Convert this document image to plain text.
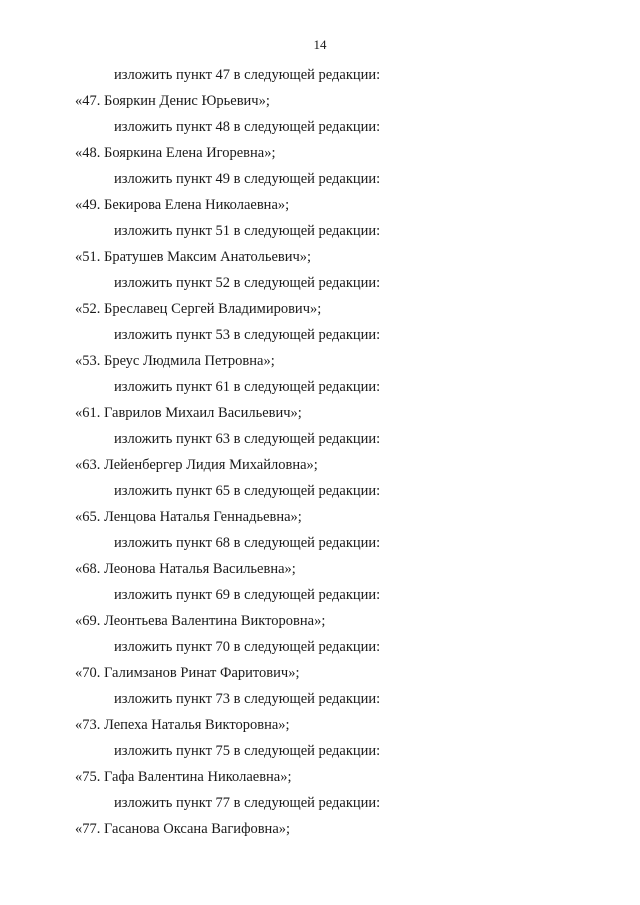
14
изложить пункт 47 в следующей редакции:
«47. Бояркин Денис Юрьевич»;
изложить пункт 48 в следующей редакции:
«48. Бояркина Елена Игоревна»;
изложить пункт 49 в следующей редакции:
«49. Бекирова Елена Николаевна»;
изложить пункт 51 в следующей редакции:
«51. Братушев Максим Анатольевич»;
изложить пункт 52 в следующей редакции:
«52. Бреславец Сергей Владимирович»;
изложить пункт 53 в следующей редакции:
«53. Бреус Людмила Петровна»;
изложить пункт 61 в следующей редакции:
«61. Гаврилов Михаил Васильевич»;
изложить пункт 63 в следующей редакции:
«63. Лейенбергер Лидия Михайловна»;
изложить пункт 65 в следующей редакции:
«65. Ленцова Наталья Геннадьевна»;
изложить пункт 68 в следующей редакции:
«68. Леонова Наталья Васильевна»;
изложить пункт 69 в следующей редакции:
«69. Леонтьева Валентина Викторовна»;
изложить пункт 70 в следующей редакции:
«70. Галимзанов Ринат Фаритович»;
изложить пункт 73 в следующей редакции:
«73. Лепеха Наталья Викторовна»;
изложить пункт 75 в следующей редакции:
«75. Гафа Валентина Николаевна»;
изложить пункт 77 в следующей редакции:
«77. Гасанова Оксана Вагифовна»;
